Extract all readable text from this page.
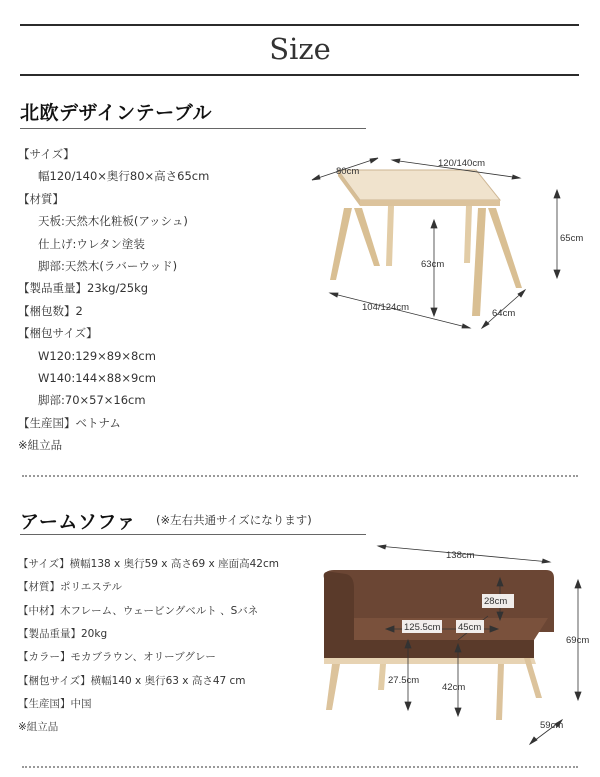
Size
北欧デザインテーブル
【サイズ】
幅120/140×奥行80×高さ65cm
【材質】
天板:天然木化粧板(アッシュ)
仕上げ:ウレタン塗装
脚部:天然木(ラバーウッド)
【製品重量】23kg/25kg
【梱包数】2
【梱包サイズ】
W120:129×89×8cm
W140:144×88×9cm
脚部:70×57×16cm
【生産国】ベトナム
※組立品
80cm
120/140cm
65cm
63cm
104/124cm
64cm
アームソファ (※左右共通サイズになります)
【サイズ】横幅138 x 奥行59 x 高さ69 x 座面高42cm
【材質】ポリエステル
【中材】木フレーム、ウェービングベルト 、Sバネ
【製品重量】20kg
【カラー】モカブラウン、オリーブグレー
【梱包サイズ】横幅140 x 奥行63 x 高さ47 cm
【生産国】中国
※組立品
138cm
28cm
125.5cm 45cm
69cm
27.5cm
42cm
59cm
